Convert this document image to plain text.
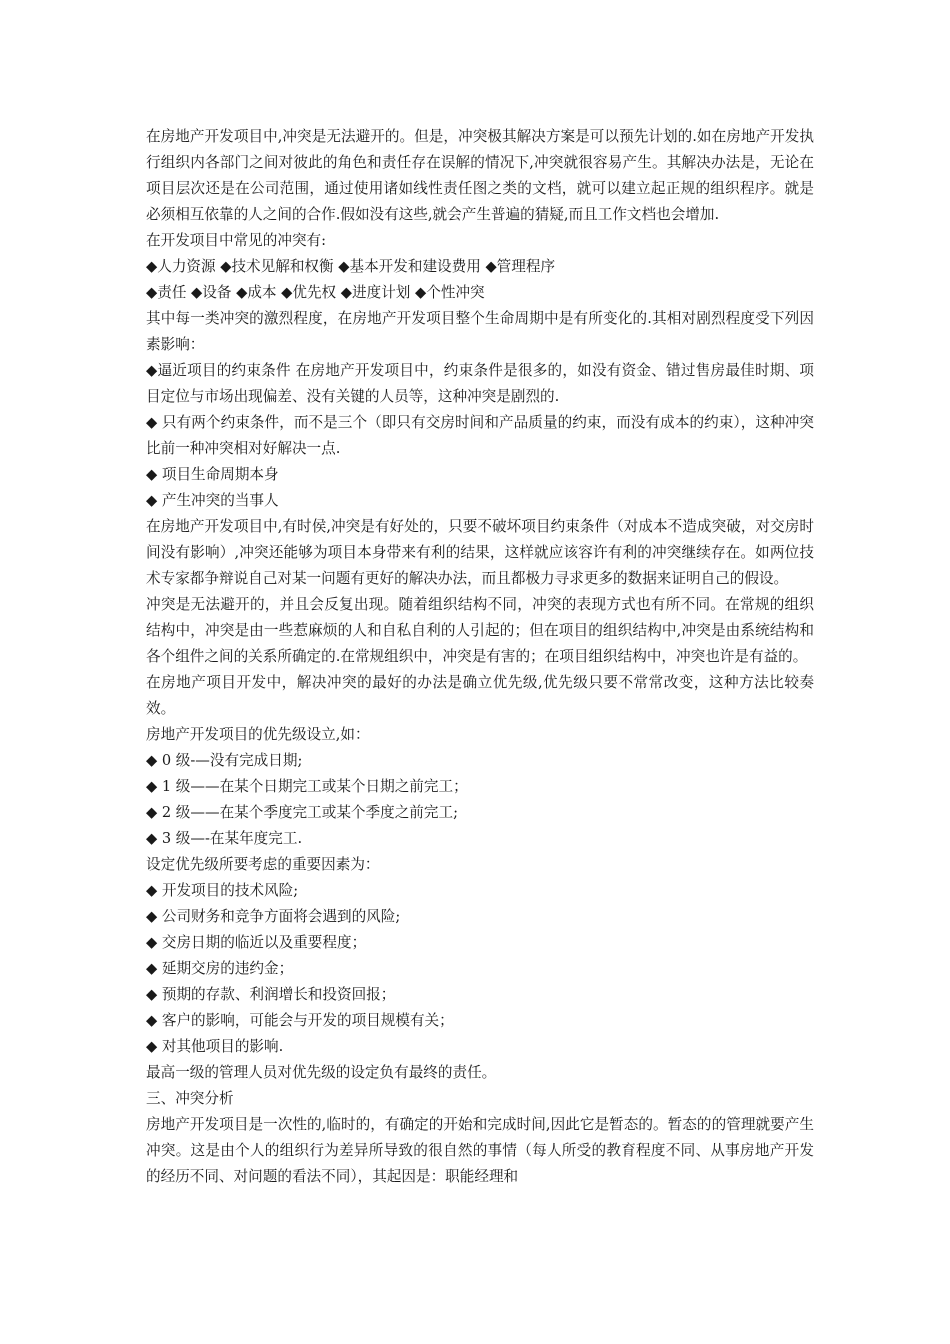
在房地产开发项目中,冲突是无法避开的。但是，冲突极其解决方案是可以预先计划的.如在房地产开发执行组织内各部门之间对彼此的角色和责任存在误解的情况下,冲突就很容易产生。其解决办法是，无论在项目层次还是在公司范围，通过使用诸如线性责任图之类的文档，就可以建立起正规的组织程序。就是必须相互依靠的人之间的合作.假如没有这些,就会产生普遍的猜疑,而且工作文档也会增加.

在开发项目中常见的冲突有:

◆人力资源 ◆技术见解和权衡 ◆基本开发和建设费用 ◆管理程序

◆责任 ◆设备 ◆成本 ◆优先权 ◆进度计划 ◆个性冲突

其中每一类冲突的激烈程度，在房地产开发项目整个生命周期中是有所变化的.其相对剧烈程度受下列因素影响：

◆逼近项目的约束条件 在房地产开发项目中，约束条件是很多的，如没有资金、错过售房最佳时期、项目定位与市场出现偏差、没有关键的人员等，这种冲突是剧烈的.

◆ 只有两个约束条件，而不是三个（即只有交房时间和产品质量的约束，而没有成本的约束），这种冲突比前一种冲突相对好解决一点.

◆ 项目生命周期本身

◆ 产生冲突的当事人

在房地产开发项目中,有时侯,冲突是有好处的，只要不破坏项目约束条件（对成本不造成突破，对交房时间没有影响）,冲突还能够为项目本身带来有利的结果，这样就应该容许有利的冲突继续存在。如两位技术专家都争辩说自己对某一问题有更好的解决办法，而且都极力寻求更多的数据来证明自己的假设。

冲突是无法避开的，并且会反复出现。随着组织结构不同，冲突的表现方式也有所不同。在常规的组织结构中，冲突是由一些惹麻烦的人和自私自利的人引起的；但在项目的组织结构中,冲突是由系统结构和各个组件之间的关系所确定的.在常规组织中，冲突是有害的；在项目组织结构中，冲突也许是有益的。

在房地产项目开发中，解决冲突的最好的办法是确立优先级,优先级只要不常常改变，这种方法比较奏效。

房地产开发项目的优先级设立,如：

◆ 0 级-—没有完成日期;

◆ 1 级——在某个日期完工或某个日期之前完工；

◆ 2 级——在某个季度完工或某个季度之前完工;

◆ 3 级—-在某年度完工.

设定优先级所要考虑的重要因素为：

◆ 开发项目的技术风险;

◆ 公司财务和竞争方面将会遇到的风险;

◆ 交房日期的临近以及重要程度；

◆ 延期交房的违约金；

◆ 预期的存款、利润增长和投资回报；

◆ 客户的影响，可能会与开发的项目规模有关；

◆ 对其他项目的影响.

最高一级的管理人员对优先级的设定负有最终的责任。

三、冲突分析

房地产开发项目是一次性的,临时的，有确定的开始和完成时间,因此它是暂态的。暂态的的管理就要产生冲突。这是由个人的组织行为差异所导致的很自然的事情（每人所受的教育程度不同、从事房地产开发的经历不同、对问题的看法不同），其起因是：职能经理和
